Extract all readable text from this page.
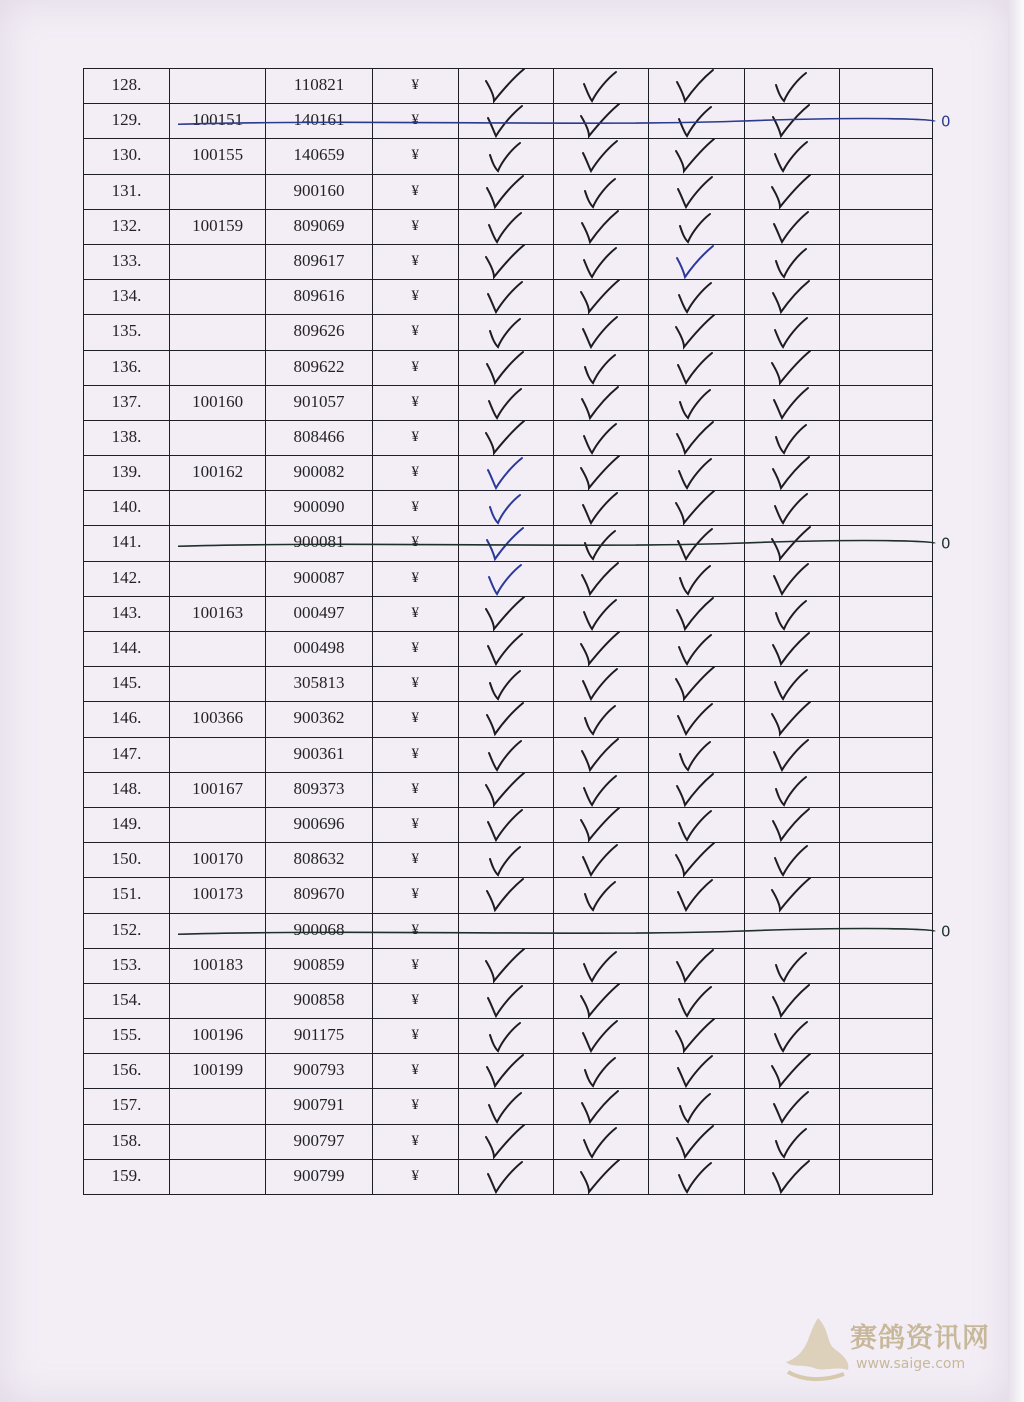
128.		110821	¥

129.	100151	140161	¥

130.	100155	140659	¥

131.		900160	¥

132.	100159	809069	¥

133.		809617	¥

134.		809616	¥

135.		809626	¥

136.		809622	¥

137.	100160	901057	¥

138.		808466	¥

139.	100162	900082	¥

140.		900090	¥

141.		900081	¥

142.		900087	¥

143.	100163	000497	¥

144.		000498	¥

145.		305813	¥

146.	100366	900362	¥

147.		900361	¥

148.	100167	809373	¥

149.		900696	¥

150.	100170	808632	¥

151.	100173	809670	¥

152.		900068	¥					

153.	100183	900859	¥

154.		900858	¥

155.	100196	901175	¥

156.	100199	900793	¥

157.		900791	¥

158.		900797	¥

159.		900799	¥

0
0
0
赛鸽资讯网
www.saige.com
